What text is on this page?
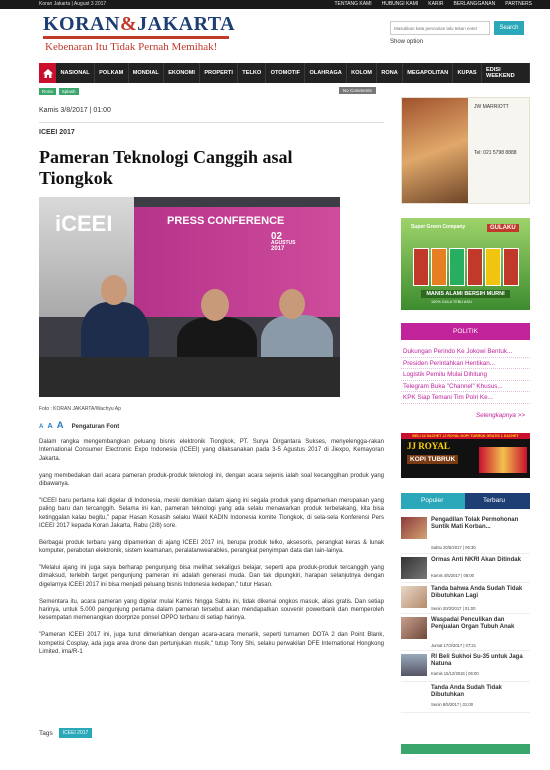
Koran Jakarta | August 3 2017	TENTANG KAMI HUBUNGI KAMI KARIR BERLANGGANAN PARTNERS
KORAN&JAKARTA
Kebenaran Itu Tidak Pernah Memihak!
Masukkan kata pencarian lalu tekan enter
Search
Show option
NASIONAL	POLKAM	MONDIAL	EKONOMI	PROPERTI	TELKO	OTOMOTIF	OLAHRAGA	KOLOM	RONA	MEGAPOLITAN	KUPAS	EDISI WEEKEND
Rona	Splash	No Comments
Kamis 3/8/2017 | 01:00
ICEEI 2017
Pameran Teknologi Canggih asal Tiongkok
iCEEI	PRESS CONFERENCE
02
AGUSTUS
2017
Foto : KORAN JAKARTA/Wachyu Ap
A A A Pengaturan Font

Dalam rangka mengembangkan peluang bisnis elektronik Tiongkok, PT. Surya Dirgantara Sukses, menyelengga-rakan International Consumer Electronic Expo Indonesia (ICEEI) yang dilaksanakan pada 3-5 Agustus 2017 di Jiexpo, Kemayoran Jakarta.

yang membedakan dari acara pameran produk-produk teknologi ini, dengan acara sejenis ialah soal kecanggihan produk yang dibawanya.

"ICEEI baru pertama kali digelar di Indonesia, meski demikian dalam ajang ini segala produk yang dipamerkan merupakan yang paling baru dan tercanggih. Selama ini kan, pameran teknologi yang ada selalu menawarkan produk terbelakang, kita bisa ketinggalan kalau begitu," papar Hasan Kosasih selaku Wakil KADIN Indonesia komite Tiongkok, di sela-sela Konferensi Pers ICEEI 2017 kepada Koran Jakarta, Rabu (2/8) sore.

Berbagai produk terbaru yang dipamerkan di ajang ICEEI 2017 ini, berupa produk telko, aksesoris, perangkat keras & lunak komputer, perabotan elektronik, sistem keamanan, peralatanwearables, perangkat penyimpan data dan lain-lainya.

"Melalui ajang ini juga saya berharap pengunjung bisa melihat sekaligus belajar, seperti apa produk-produk tercanggih yang dimaksud, terlebih target pengunjung pameran ini adalah generasi muda. Dan tak dipungkiri, harapan selanjutnya dengan digelarnya ICEEI 2017 ini bisa menjadi peluang bisnis Indonesia kedepan," tutur Hasan.

Sementara itu, acara pameran yang digelar mulai Kamis hingga Sabtu ini, tidak dikenai ongkos masuk, alias gratis. Dan setiap harinya, untuk 5.000 pengunjung pertama dalam pameran tersebut akan mendapatkan souvenir powerbank dan memperoleh kesempatan memenangkan doorprize ponsel OPPO terbaru di setiap harinya.

"Pameran ICEEI 2017 ini, juga turut dimeriahkan dengan acara-acara menarik, seperti turnamen DOTA 2 dan Point Blank, kompetisi Cosplay, ada juga area drone dan pertunjukan musik," tutup Tony Shi, selaku perwakilan DFE International Hongkong Limited. ima/R-1

Tags	ICEEI 2017
JW MARRIOTT
Tel: 021 5798 8888
Super Green Company	GULAKU
MANIS ALAMI BERSIH MURNI
100% GULA TEBU ASLI
POLITIK
Dukungan Perindo Ke Jokowi Bentuk...
Presiden Perintahkan Hentikan...
Logistik Pemilu Mulai Dihitung
Telegram Buka "Channel" Khusus...
KPK Siap Temani Tim Polri Ke...
Selengkapnya >>
BELI 24 SACHET JJ ROYAL KOPI TUBRUK GRATIS 1 SACHET
JJ ROYAL
KOPI TUBRUK
Populer	Terbaru
Pengadilan Tolak Permohonan Suntik Mati Korban...
Sabtu 20/5/2017 | 06:30
Ormas Anti NKRI Akan Ditindak
Kamis 4/5/2017 | 06:00
Tanda bahwa Anda Sudah Tidak Dibutuhkan Lagi
Senin 20/3/2017 | 01:00
Waspadai Penculikan dan Penjualan Organ Tubuh Anak
Jumat 17/3/2017 | 07:21
RI Beli Sukhoi Su-35 untuk Jaga Natuna
Kamis 15/12/2016 | 06:00
Tanda Anda Sudah Tidak Dibutuhkan
Senin 8/5/2017 | 01:00
